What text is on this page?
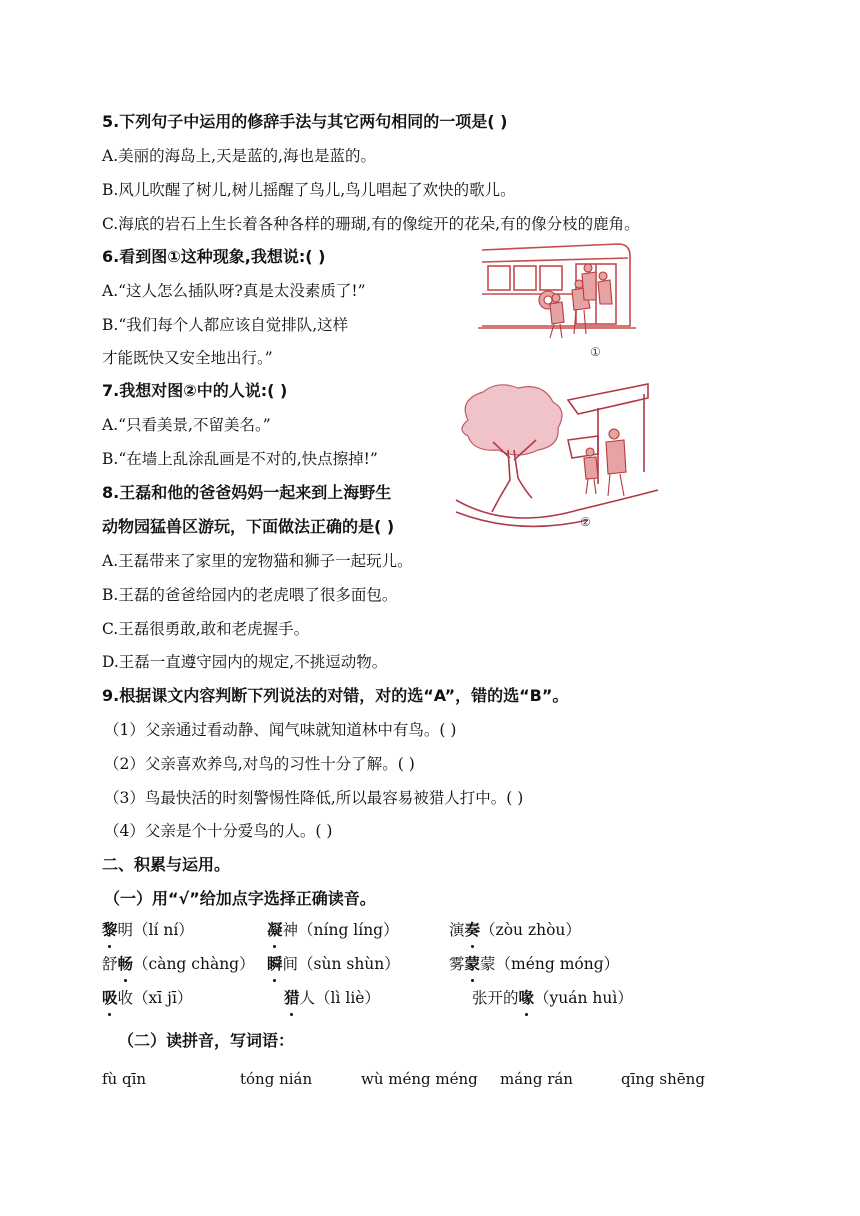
5.下列句子中运用的修辞手法与其它两句相同的一项是( )
A.美丽的海岛上,天是蓝的,海也是蓝的。
B.风儿吹醒了树儿,树儿摇醒了鸟儿,鸟儿唱起了欢快的歌儿。
C.海底的岩石上生长着各种各样的珊瑚,有的像绽开的花朵,有的像分枝的鹿角。
6.看到图①这种现象,我想说:( )
A.“这人怎么插队呀?真是太没素质了!”
B.“我们每个人都应该自觉排队,这样
才能既快又安全地出行。”	①
7.我想对图②中的人说:( )
A.“只看美景,不留美名。”
B.“在墙上乱涂乱画是不对的,快点擦掉!”
②
8.王磊和他的爸爸妈妈一起来到上海野生
动物园猛兽区游玩，下面做法正确的是( )
A.王磊带来了家里的宠物猫和狮子一起玩儿。
B.王磊的爸爸给园内的老虎喂了很多面包。
C.王磊很勇敢,敢和老虎握手。
D.王磊一直遵守园内的规定,不挑逗动物。
9.根据课文内容判断下列说法的对错，对的选“A”，错的选“B”。
（1）父亲通过看动静、闻气味就知道林中有鸟。( )
（2）父亲喜欢养鸟,对鸟的习性十分了解。( )
（3）鸟最快活的时刻警惕性降低,所以最容易被猎人打中。( )
（4）父亲是个十分爱鸟的人。( )
二、积累与运用。
（一）用“√”给加点字选择正确读音。
黎明（lí ní）	凝神（níng líng）	演奏（zòu zhòu）
舒畅（càng chàng） 瞬间（sùn shùn）	雾蒙蒙（méng mónɡ）
吸收（xī jī）	猎人（lì liè）	张开的喙（yuán huì）
（二）读拼音，写词语：
fù qīn	tóng nián	wù méng méng máng rán	qīng shēng
